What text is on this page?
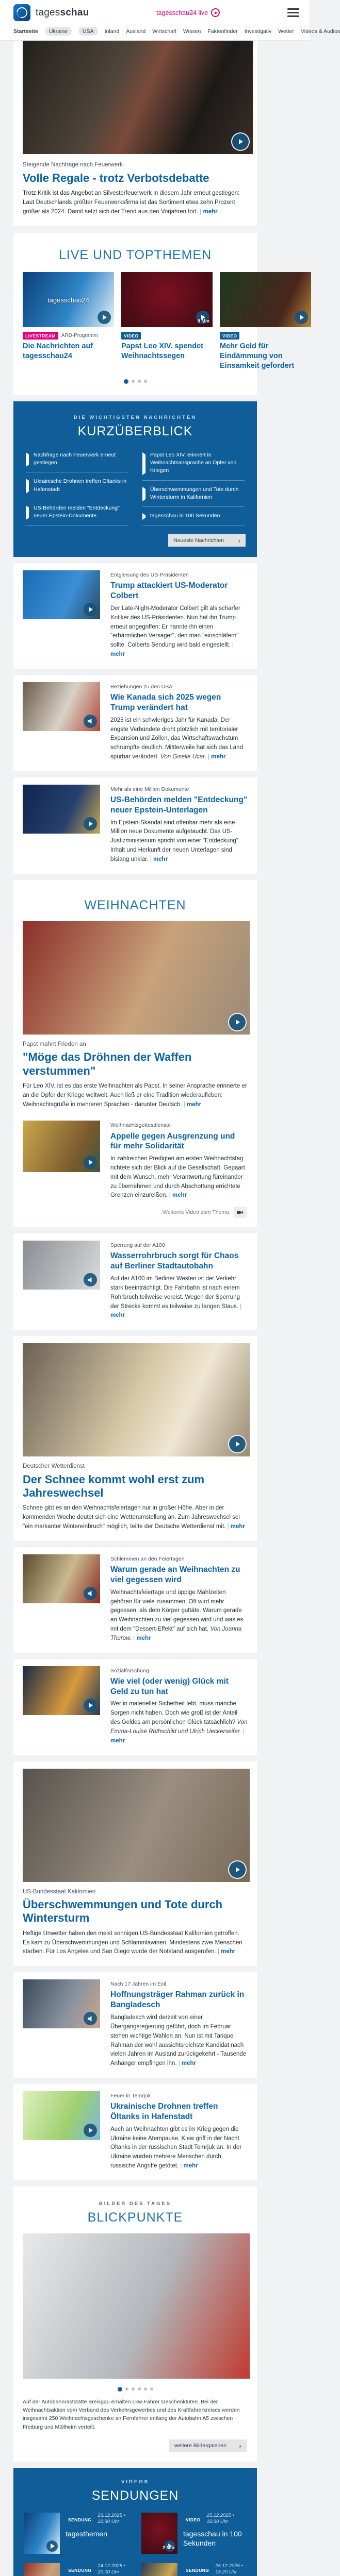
tagesschau	tagesschau24 live
Startseite	Ukraine	USA	Inland Ausland Wirtschaft Wissen Faktenfinder Investigativ Wetter Videos & Audios

Steigende Nachfrage nach Feuerwerk

Volle Regale - trotz Verbotsdebatte

Trotz Kritik ist das Angebot an Silvesterfeuerwerk in diesem Jahr erneut gestiegen: Laut Deutschlands größter Feuerwerksfirma ist das Sortiment etwa zehn Prozent größer als 2024. Damit setzt sich der Trend aus den Vorjahren fort. | mehr

LIVE UND TOPTHEMEN
tagesschau24
LIVESTREAM	ARD-Programm
Die Nachrichten auf tagesschau24
9 Min
VIDEO
Papst Leo XIV. spendet Weihnachtssegen
VIDEO
Mehr Geld für Eindämmung von Einsamkeit gefordert
DIE WICHTIGSTEN NACHRICHTEN
KURZÜBERBLICK
Nachfrage nach Feuerwerk erneut gestiegen
Ukrainische Drohnen treffen Öltanks in Hafenstadt
US-Behörden melden "Entdeckung" neuer Epstein-Dokumente
Papst Leo XIV. erinnert in Weihnachtsansprache an Opfer von Kriegen
Überschwemmungen und Tote durch Wintersturm in Kalifornien
tagesschau in 100 Sekunden
Neueste Nachrichten ›

Entgleisung des US-Präsidenten

Trump attackiert US-Moderator Colbert

Der Late-Night-Moderator Colbert gilt als scharfer Kritiker des US-Präsidenten. Nun hat ihn Trump erneut angegriffen: Er nannte ihn einen "erbärmlichen Versager", den man "einschläfern" sollte. Colberts Sendung wird bald eingestellt. | mehr

Beziehungen zu den USA

Wie Kanada sich 2025 wegen Trump verändert hat

2025 ist ein schwieriges Jahr für Kanada: Der engste Verbündete droht plötzlich mit territorialer Expansion und Zöllen, das Wirtschaftswachstum schrumpfte deutlich. Mittlerweile hat sich das Land spürbar verändert. Von Giselle Ucar. | mehr

Mehr als eine Million Dokumente

US-Behörden melden "Entdeckung" neuer Epstein-Unterlagen

Im Epstein-Skandal sind offenbar mehr als eine Million neue Dokumente aufgetaucht. Das US-Justizministerium spricht von einer "Entdeckung". Inhalt und Herkunft der neuen Unterlagen sind bislang unklar. | mehr

WEIHNACHTEN

Papst mahnt Frieden an

"Möge das Dröhnen der Waffen verstummen"

Für Leo XIV. ist es das erste Weihnachten als Papst. In seiner Ansprache erinnerte er an die Opfer der Kriege weltweit. Auch ließ er eine Tradition wiederaufleben: Weihnachtsgrüße in mehreren Sprachen - darunter Deutsch. | mehr

Weihnachtsgottesdienste

Appelle gegen Ausgrenzung und für mehr Solidarität

In zahlreichen Predigten am ersten Weihnachtstag richtete sich der Blick auf die Gesellschaft. Gepaart mit dem Wunsch, mehr Verantwortung füreinander zu übernehmen und durch Abschottung errichtete Grenzen einzureißen. | mehr

Weiteres Video zum Thema

Sperrung auf der A100

Wasserrohrbruch sorgt für Chaos auf Berliner Stadtautobahn

Auf der A100 im Berliner Westen ist der Verkehr stark beeinträchtigt. Die Fahrbahn ist nach einem Rohrbruch teilweise vereist. Wegen der Sperrung der Strecke kommt es teilweise zu langen Staus. | mehr

Deutscher Wetterdienst

Der Schnee kommt wohl erst zum Jahreswechsel

Schnee gibt es an den Weihnachtsfeiertagen nur in großer Höhe. Aber in der kommenden Woche deutet sich eine Wetterumstellung an. Zum Jahreswechsel sei "ein markanter Wintereinbruch" möglich, teilte der Deutsche Wetterdienst mit. | mehr

Schlemmen an den Feiertagen

Warum gerade an Weihnachten zu viel gegessen wird

Weihnachtsfeiertage und üppige Mahlzeiten gehören für viele zusammen. Oft wird mehr gegessen, als dem Körper guttäte. Warum gerade an Weihnachten zu viel gegessen wird und was es mit dem "Dessert-Effekt" auf sich hat. Von Joanna Thurow. | mehr

Sozialforschung

Wie viel (oder wenig) Glück mit Geld zu tun hat

Wer in materieller Sicherheit lebt, muss manche Sorgen nicht haben. Doch wie groß ist der Anteil des Geldes am persönlichen Glück tatsächlich? Von Emma-Louise Rothschild und Ulrich Ueckerseifer. | mehr

US-Bundesstaat Kalifornien

Überschwemmungen und Tote durch Wintersturm

Heftige Unwetter haben den meist sonnigen US-Bundesstaat Kalifornien getroffen. Es kam zu Überschwemmungen und Schlammlawinen. Mindestens zwei Menschen starben. Für Los Angeles und San Diego wurde der Notstand ausgerufen. | mehr

Nach 17 Jahren im Exil

Hoffnungsträger Rahman zurück in Bangladesch

Bangladesch wird derzeit von einer Übergangsregierung geführt, doch im Februar stehen wichtige Wahlen an. Nun ist mit Tarique Rahman der wohl aussichtsreichste Kandidat nach vielen Jahren im Ausland zurückgekehrt - Tausende Anhänger empfingen ihn. | mehr

Feuer in Temrjuk

Ukrainische Drohnen treffen Öltanks in Hafenstadt

Auch an Weihnachten gibt es im Krieg gegen die Ukraine keine Atempause. Kiew griff in der Nacht Öltanks in der russischen Stadt Temrjuk an. In der Ukraine wurden mehrere Menschen durch russische Angriffe getötet. | mehr

BILDER DES TAGES
BLICKPUNKTE

Auf der Autobahnraststätte Breisgau erhalten Lkw-Fahrer Geschenktüten. Bei der Weihnachtsaktion vom Verband des Verkehrsgewerbes und des Kraftfahrerkreises werden insgesamt 250 Weihnachtsgeschenke an Fernfahrer entlang der Autobahn A5 zwischen Freiburg und Müllheim verteilt.

weitere Bildergalerien ›
VIDEOS
SENDUNGEN
SENDUNG
23.12.2025 • 22:30 Uhr
tagesthemen
2 Min
VIDEO
25.12.2025 • 16:30 Uhr
tagesschau in 100 Sekunden
SENDUNG
24.12.2025 • 20:00 Uhr	SENDUNG
25.12.2025 • 15:20 Uhr
